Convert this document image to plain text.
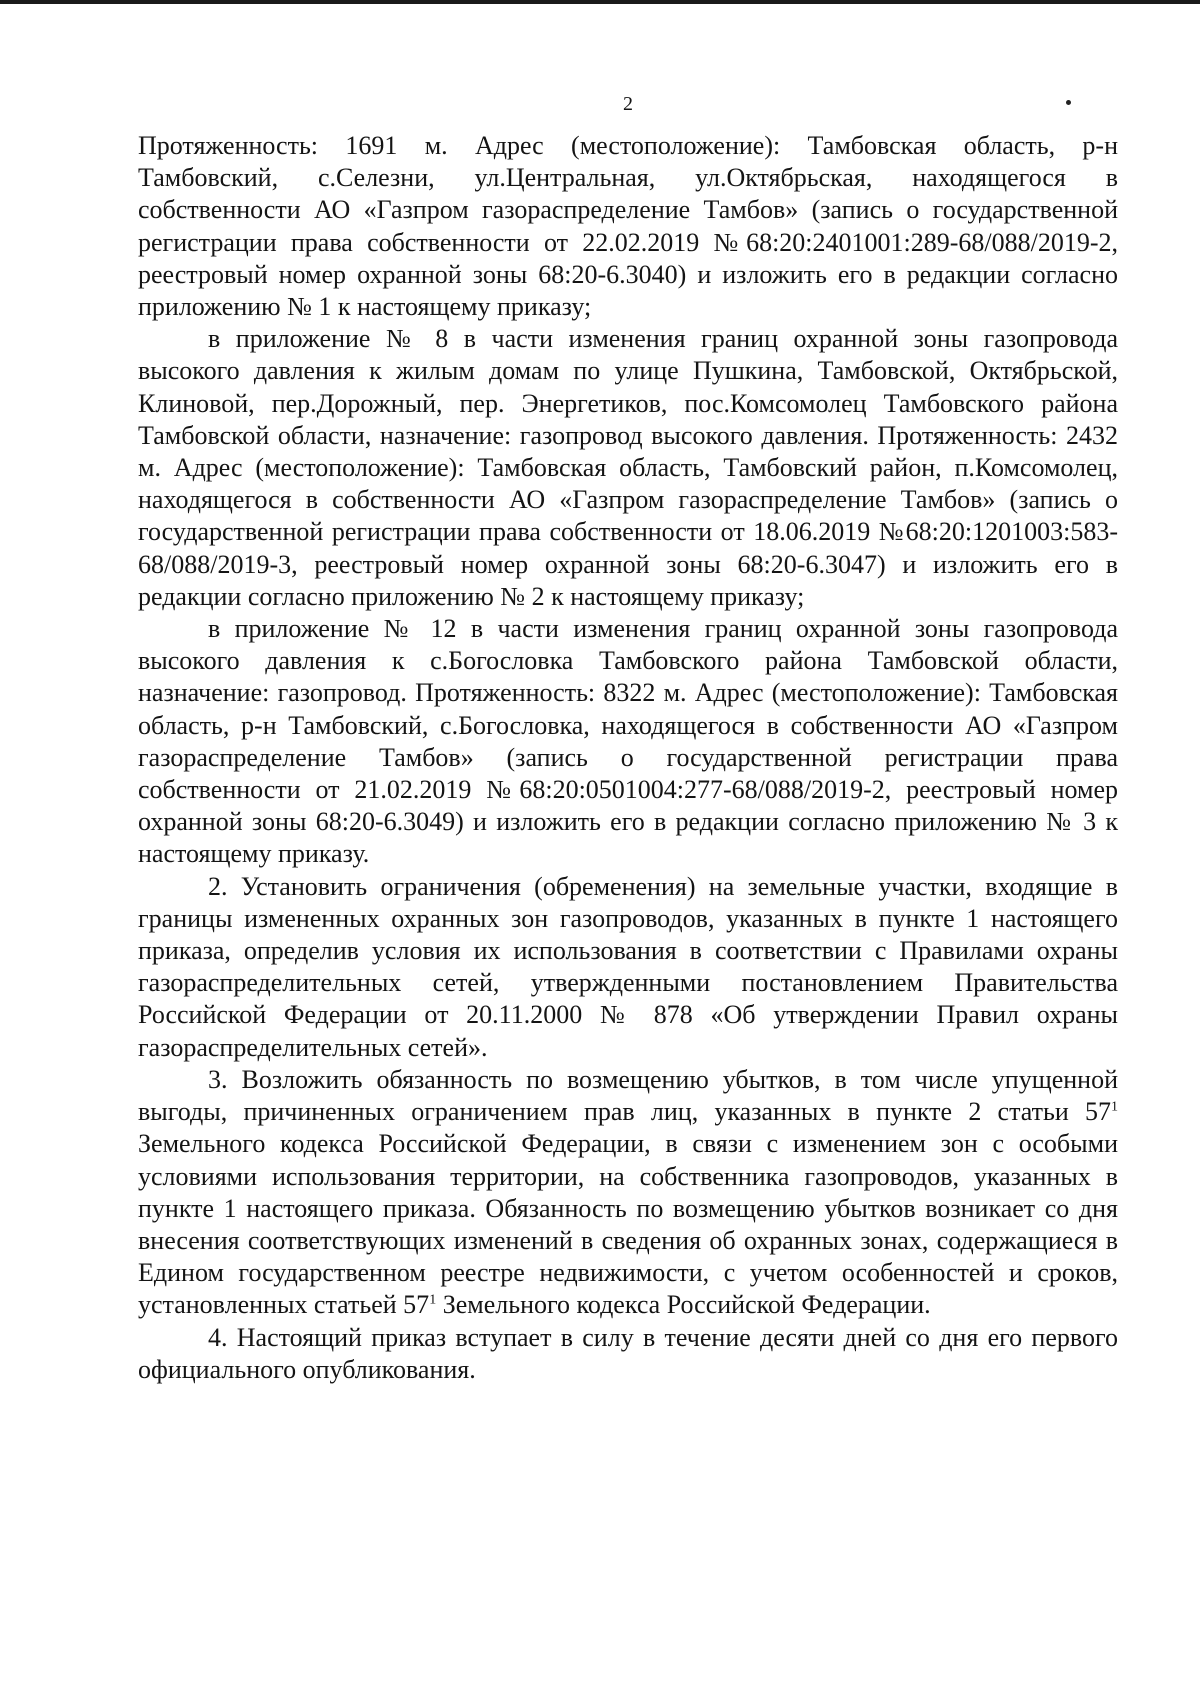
2

Протяженность: 1691 м. Адрес (местоположение): Тамбовская область, р-н Тамбовский, с.Селезни, ул.Центральная, ул.Октябрьская, находящегося в собственности АО «Газпром газораспределение Тамбов» (запись о государственной регистрации права собственности от 22.02.2019 №68:20:2401001:289-68/088/2019-2, реестровый номер охранной зоны 68:20-6.3040) и изложить его в редакции согласно приложению № 1 к настоящему приказу;

в приложение № 8 в части изменения границ охранной зоны газопровода высокого давления к жилым домам по улице Пушкина, Тамбовской, Октябрьской, Клиновой, пер.Дорожный, пер. Энергетиков, пос.Комсомолец Тамбовского района Тамбовской области, назначение: газопровод высокого давления. Протяженность: 2432 м. Адрес (местоположение): Тамбовская область, Тамбовский район, п.Комсомолец, находящегося в собственности АО «Газпром газораспределение Тамбов» (запись о государственной регистрации права собственности от 18.06.2019 №68:20:1201003:583-68/088/2019-3, реестровый номер охранной зоны 68:20-6.3047) и изложить его в редакции согласно приложению № 2 к настоящему приказу;

в приложение № 12 в части изменения границ охранной зоны газопровода высокого давления к с.Богословка Тамбовского района Тамбовской области, назначение: газопровод. Протяженность: 8322 м. Адрес (местоположение): Тамбовская область, р-н Тамбовский, с.Богословка, находящегося в собственности АО «Газпром газораспределение Тамбов» (запись о государственной регистрации права собственности от 21.02.2019 №68:20:0501004:277-68/088/2019-2, реестровый номер охранной зоны 68:20-6.3049) и изложить его в редакции согласно приложению № 3 к настоящему приказу.

2. Установить ограничения (обременения) на земельные участки, входящие в границы измененных охранных зон газопроводов, указанных в пункте 1 настоящего приказа, определив условия их использования в соответствии с Правилами охраны газораспределительных сетей, утвержденными постановлением Правительства Российской Федерации от 20.11.2000 № 878 «Об утверждении Правил охраны газораспределительных сетей».

3. Возложить обязанность по возмещению убытков, в том числе упущенной выгоды, причиненных ограничением прав лиц, указанных в пункте 2 статьи $57^1$ Земельного кодекса Российской Федерации, в связи с изменением зон с особыми условиями использования территории, на собственника газопроводов, указанных в пункте 1 настоящего приказа. Обязанность по возмещению убытков возникает со дня внесения соответствующих изменений в сведения об охранных зонах, содержащиеся в Едином государственном реестре недвижимости, с учетом особенностей и сроков, установленных статьей $57^1$ Земельного кодекса Российской Федерации.

4. Настоящий приказ вступает в силу в течение десяти дней со дня его первого официального опубликования.
